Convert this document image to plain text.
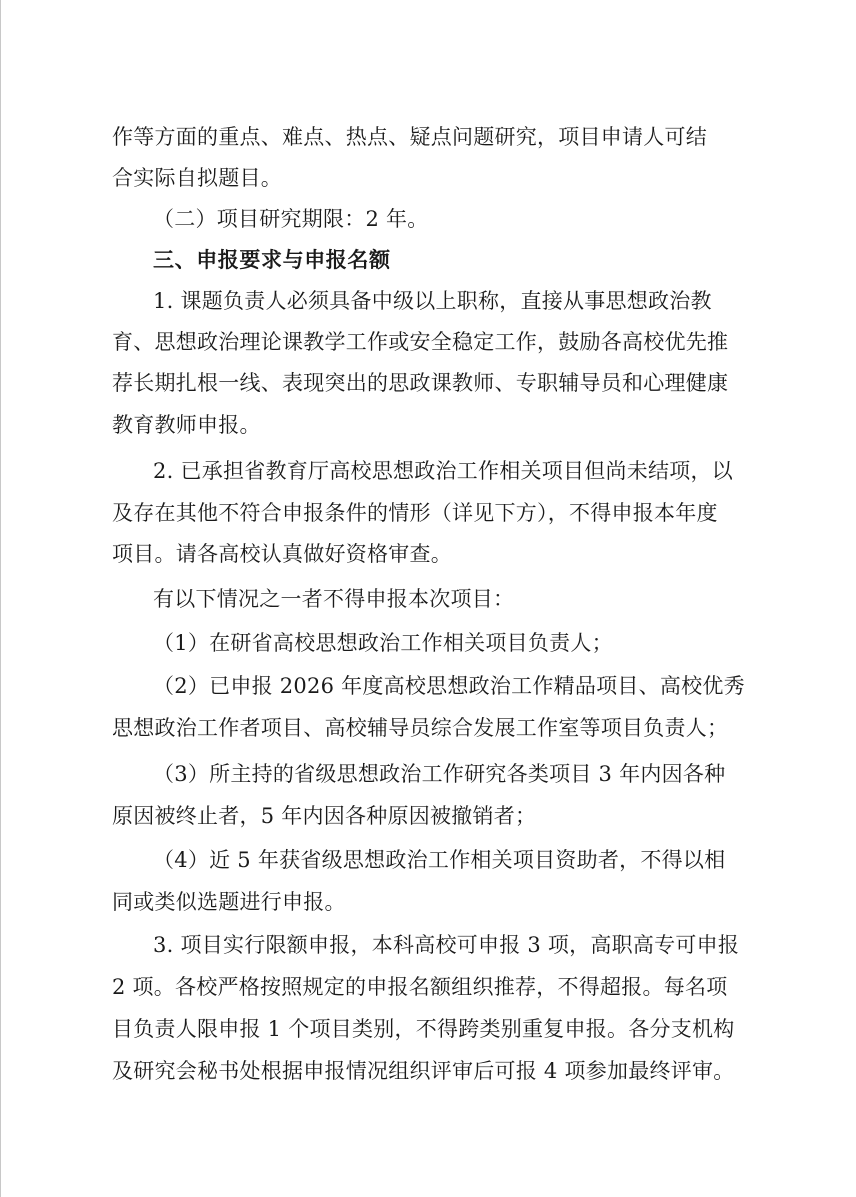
作等方面的重点、难点、热点、疑点问题研究，项目申请人可结
合实际自拟题目。
（二）项目研究期限：2 年。
三、申报要求与申报名额
1. 课题负责人必须具备中级以上职称，直接从事思想政治教
育、思想政治理论课教学工作或安全稳定工作，鼓励各高校优先推
荐长期扎根一线、表现突出的思政课教师、专职辅导员和心理健康
教育教师申报。
2. 已承担省教育厅高校思想政治工作相关项目但尚未结项，以
及存在其他不符合申报条件的情形（详见下方），不得申报本年度
项目。请各高校认真做好资格审查。
有以下情况之一者不得申报本次项目：
（1）在研省高校思想政治工作相关项目负责人；
（2）已申报 2026 年度高校思想政治工作精品项目、高校优秀
思想政治工作者项目、高校辅导员综合发展工作室等项目负责人；
（3）所主持的省级思想政治工作研究各类项目 3 年内因各种
原因被终止者，5 年内因各种原因被撤销者；
（4）近 5 年获省级思想政治工作相关项目资助者，不得以相
同或类似选题进行申报。
3. 项目实行限额申报，本科高校可申报 3 项，高职高专可申报
2 项。各校严格按照规定的申报名额组织推荐，不得超报。每名项
目负责人限申报 1 个项目类别，不得跨类别重复申报。各分支机构
及研究会秘书处根据申报情况组织评审后可报 4 项参加最终评审。
